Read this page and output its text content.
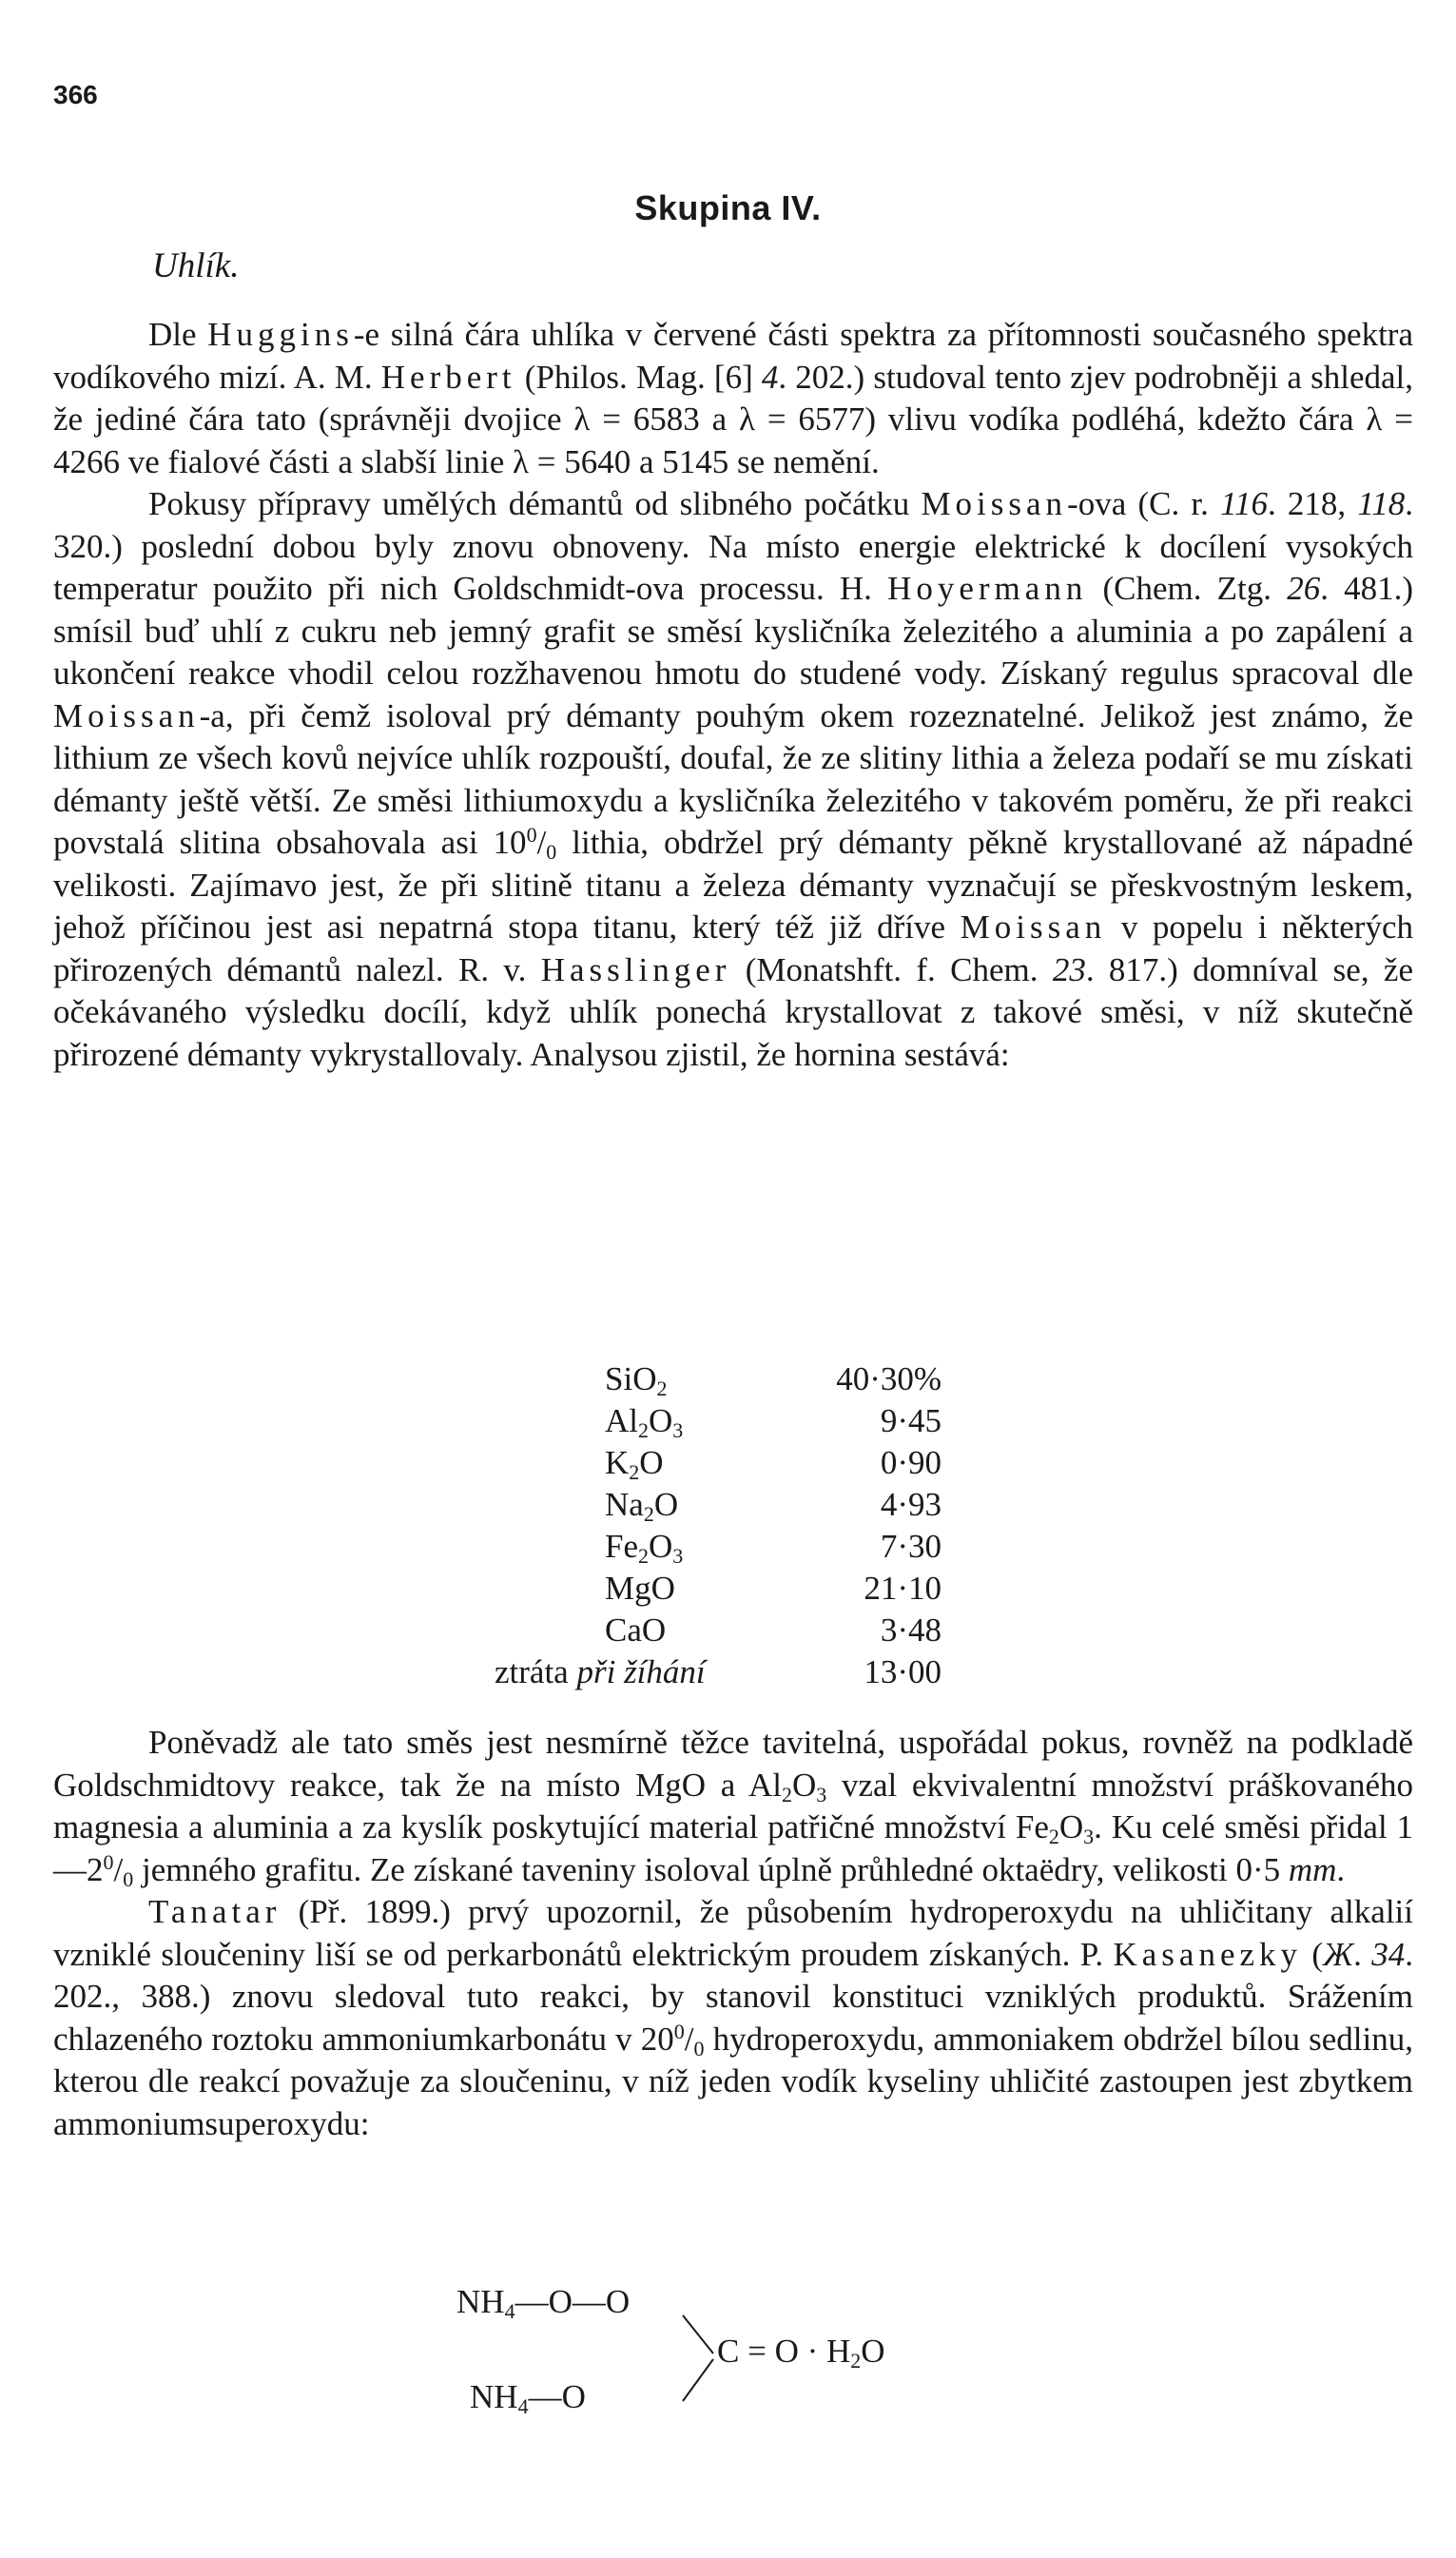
366
Skupina IV.
Uhlík.

Dle Huggins-e silná čára uhlíka v červené části spektra za přítomnosti současného spektra vodíkového mizí. A. M. Herbert (Philos. Mag. [6] 4. 202.) studoval tento zjev podrobněji a shledal, že jediné čára tato (správněji dvojice λ = 6583 a λ = 6577) vlivu vodíka podléhá, kdežto čára λ = 4266 ve fialové části a slabší linie λ = 5640 a 5145 se nemění.

Pokusy přípravy umělých démantů od slibného počátku Moissan-ova (C. r. 116. 218, 118. 320.) poslední dobou byly znovu obnoveny. Na místo energie elektrické k docílení vysokých temperatur použito při nich Goldschmidt-ova processu. H. Hoyermann (Chem. Ztg. 26. 481.) smísil buď uhlí z cukru neb jemný grafit se směsí kysličníka železitého a aluminia a po zapálení a ukončení reakce vhodil celou rozžhavenou hmotu do studené vody. Získaný regulus spracoval dle Moissan-a, při čemž isoloval prý démanty pouhým okem rozeznatelné. Jelikož jest známo, že lithium ze všech kovů nejvíce uhlík rozpouští, doufal, že ze slitiny lithia a železa podaří se mu získati démanty ještě větší. Ze směsi lithiumoxydu a kysličníka železitého v takovém poměru, že při reakci povstalá slitina obsahovala asi $10^0/_0$ lithia, obdržel prý démanty pěkně krystallované až nápadné velikosti. Zajímavo jest, že při slitině titanu a železa démanty vyznačují se přeskvostným leskem, jehož příčinou jest asi nepatrná stopa titanu, který též již dříve Moissan v popelu i některých přirozených démantů nalezl. R. v. Hasslinger (Monatshft. f. Chem. 23. 817.) domníval se, že očekávaného výsledku docílí, když uhlík ponechá krystallovat z takové směsi, v níž skutečně přirozené démanty vykrystallovaly. Analysou zjistil, že hornina sestává:

SiO$_2$	40·30%
$Al_2O_3$	9·45
$K_2O$	0·90
$Na_2O$	4·93
$Fe_2O_3$	7·30
MgO	21·10
CaO	3·48
ztráta při žíhání	13·00

Poněvadž ale tato směs jest nesmírně těžce tavitelná, uspořádal pokus, rovněž na podkladě Goldschmidtovy reakce, tak že na místo MgO a $Al_2O_3$ vzal ekvivalentní množství práškovaného magnesia a aluminia a za kyslík poskytující material patřičné množství $Fe_2O_3$. Ku celé směsi přidal $1—2^0/_0$ jemného grafitu. Ze získané taveniny isoloval úplně průhledné oktaëdry, velikosti 0·5 mm.

Tanatar (Př. 1899.) prvý upozornil, že působením hydroperoxydu na uhličitany alkalií vzniklé sloučeniny liší se od perkarbonátů elektrickým proudem získaných. P. Kasanezky (Ж. 34. 202., 388.) znovu sledoval tuto reakci, by stanovil konstituci vzniklých produktů. Srážením chlazeného roztoku ammoniumkarbonátu v $20^0/_0$ hydroperoxydu, ammoniakem obdržel bílou sedlinu, kterou dle reakcí považuje za sloučeninu, v níž jeden vodík kyseliny uhličité zastoupen jest zbytkem ammoniumsuperoxydu:

$NH_4—O—O$
$NH_4—O$
$C = O \cdot H_2O$
